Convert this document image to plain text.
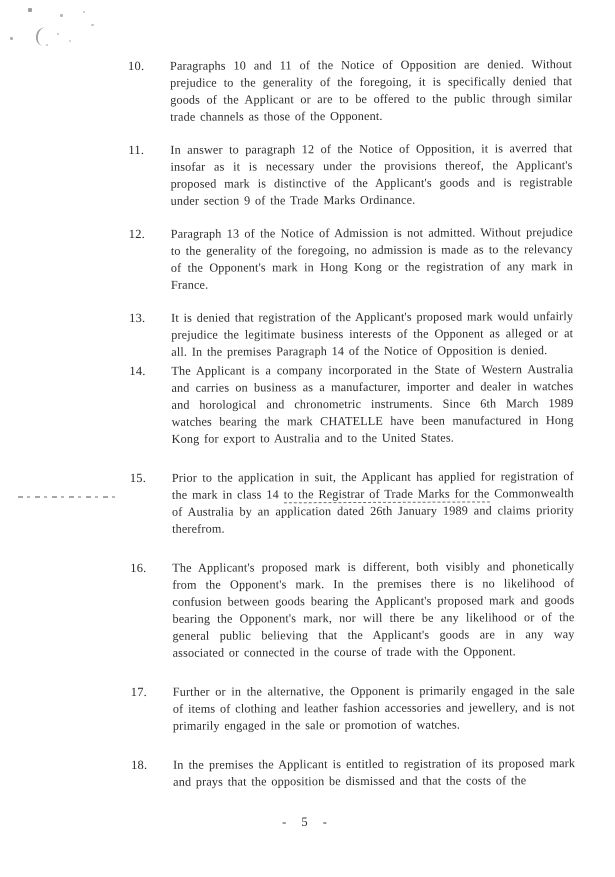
10.	Paragraphs 10 and 11 of the Notice of Opposition are denied. Without prejudice to the generality of the foregoing, it is specifically denied that goods of the Applicant or are to be offered to the public through similar trade channels as those of the Opponent.

11.	In answer to paragraph 12 of the Notice of Opposition, it is averred that insofar as it is necessary under the provisions thereof, the Applicant's proposed mark is distinctive of the Applicant's goods and is registrable under section 9 of the Trade Marks Ordinance.

12.	Paragraph 13 of the Notice of Admission is not admitted. Without prejudice to the generality of the foregoing, no admission is made as to the relevancy of the Opponent's mark in Hong Kong or the registration of any mark in France.

13.	It is denied that registration of the Applicant's proposed mark would unfairly prejudice the legitimate business interests of the Opponent as alleged or at all. In the premises Paragraph 14 of the Notice of Opposition is denied.

14.	The Applicant is a company incorporated in the State of Western Australia and carries on business as a manufacturer, importer and dealer in watches and horological and chronometric instruments. Since 6th March 1989 watches bearing the mark CHATELLE have been manufactured in Hong Kong for export to Australia and to the United States.

15.	Prior to the application in suit, the Applicant has applied for registration of the mark in class 14 to the Registrar of Trade Marks for the Commonwealth of Australia by an application dated 26th January 1989 and claims priority therefrom.

16.	The Applicant's proposed mark is different, both visibly and phonetically from the Opponent's mark. In the premises there is no likelihood of confusion between goods bearing the Applicant's proposed mark and goods bearing the Opponent's mark, nor will there be any likelihood or of the general public believing that the Applicant's goods are in any way associated or connected in the course of trade with the Opponent.

17.	Further or in the alternative, the Opponent is primarily engaged in the sale of items of clothing and leather fashion accessories and jewellery, and is not primarily engaged in the sale or promotion of watches.

18.	In the premises the Applicant is entitled to registration of its proposed mark and prays that the opposition be dismissed and that the costs of the

- 5 -
